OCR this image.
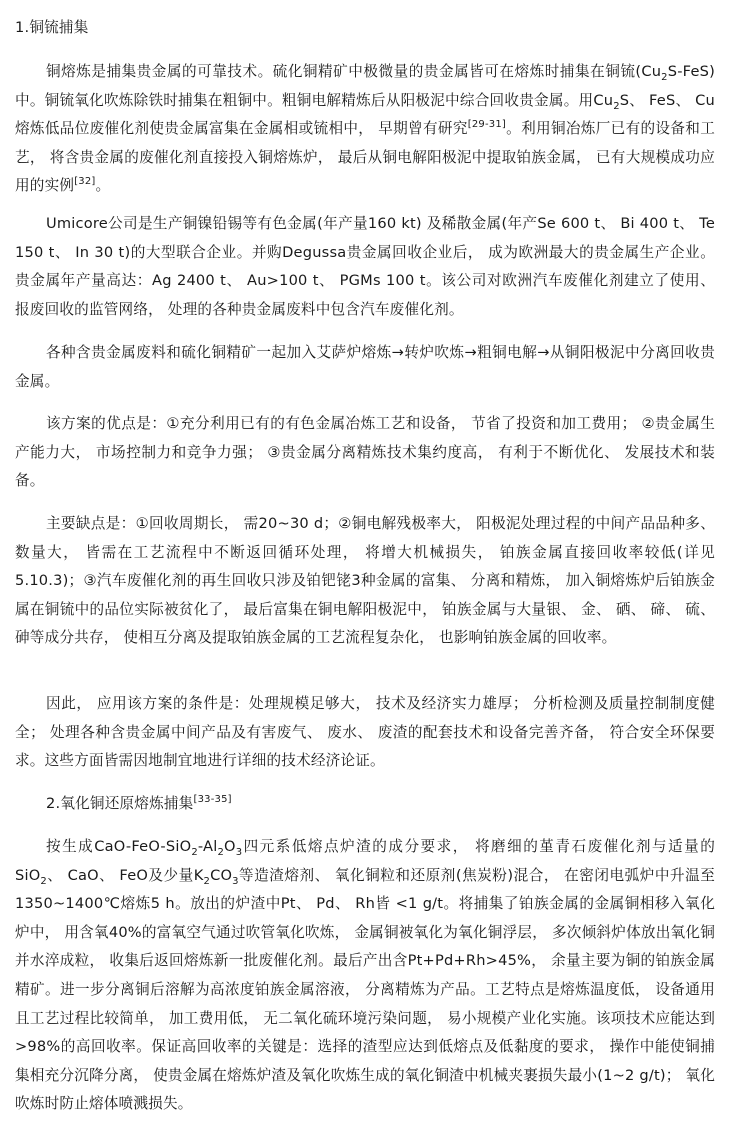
1.铜锍捕集

铜熔炼是捕集贵金属的可靠技术。硫化铜精矿中极微量的贵金属皆可在熔炼时捕集在铜锍$(Cu_2S-FeS)$中。铜锍氧化吹炼除铁时捕集在粗铜中。粗铜电解精炼后从阳极泥中综合回收贵金属。用$Cu_2S$、 FeS、 Cu熔炼低品位废催化剂使贵金属富集在金属相或锍相中， 早期曾有研究[29-31]。利用铜冶炼厂已有的设备和工艺， 将含贵金属的废催化剂直接投入铜熔炼炉， 最后从铜电解阳极泥中提取铂族金属， 已有大规模成功应用的实例[32]。

Umicore公司是生产铜镍铅锡等有色金属(年产量160 kt) 及稀散金属(年产Se 600 t、 Bi 400 t、 Te 150 t、 In 30 t)的大型联合企业。并购Degussa贵金属回收企业后， 成为欧洲最大的贵金属生产企业。贵金属年产量高达：Ag 2400 t、 Au>100 t、 PGMs 100 t。该公司对欧洲汽车废催化剂建立了使用、 报废回收的监管网络， 处理的各种贵金属废料中包含汽车废催化剂。

各种含贵金属废料和硫化铜精矿一起加入艾萨炉熔炼→转炉吹炼→粗铜电解→从铜阳极泥中分离回收贵金属。

该方案的优点是：①充分利用已有的有色金属冶炼工艺和设备， 节省了投资和加工费用； ②贵金属生产能力大， 市场控制力和竞争力强； ③贵金属分离精炼技术集约度高， 有利于不断优化、 发展技术和装备。

主要缺点是：①回收周期长， 需20~30 d；②铜电解残极率大， 阳极泥处理过程的中间产品品种多、 数量大， 皆需在工艺流程中不断返回循环处理， 将增大机械损失， 铂族金属直接回收率较低(详见5.10.3)；③汽车废催化剂的再生回收只涉及铂钯铑3种金属的富集、 分离和精炼， 加入铜熔炼炉后铂族金属在铜锍中的品位实际被贫化了， 最后富集在铜电解阳极泥中， 铂族金属与大量银、 金、 硒、 碲、 硫、 砷等成分共存， 使相互分离及提取铂族金属的工艺流程复杂化， 也影响铂族金属的回收率。

因此， 应用该方案的条件是：处理规模足够大， 技术及经济实力雄厚； 分析检测及质量控制制度健全； 处理各种含贵金属中间产品及有害废气、 废水、 废渣的配套技术和设备完善齐备， 符合安全环保要求。这些方面皆需因地制宜地进行详细的技术经济论证。

2.氧化铜还原熔炼捕集[33-35]

按生成CaO-$FeO-SiO_2-Al_2O_3$四元系低熔点炉渣的成分要求， 将磨细的堇青石废催化剂与适量的SiO$_2$、 CaO、 FeO及少量$K_2CO_3$等造渣熔剂、 氧化铜粒和还原剂(焦炭粉)混合， 在密闭电弧炉中升温至 1350~1400℃熔炼5 h。放出的炉渣中Pt、 Pd、 Rh皆 <1 g/t。将捕集了铂族金属的金属铜相移入氧化炉中， 用含氧40%的富氧空气通过吹管氧化吹炼， 金属铜被氧化为氧化铜浮层， 多次倾斜炉体放出氧化铜并水淬成粒， 收集后返回熔炼新一批废催化剂。最后产出含Pt+Pd+Rh>45%， 余量主要为铜的铂族金属精矿。进一步分离铜后溶解为高浓度铂族金属溶液， 分离精炼为产品。工艺特点是熔炼温度低， 设备通用且工艺过程比较简单， 加工费用低， 无二氧化硫环境污染问题， 易小规模产业化实施。该项技术应能达到>98%的高回收率。保证高回收率的关键是：选择的渣型应达到低熔点及低黏度的要求， 操作中能使铜捕集相充分沉降分离， 使贵金属在熔炼炉渣及氧化吹炼生成的氧化铜渣中机械夹裹损失最小(1~2 g/t)； 氧化吹炼时防止熔体喷溅损失。
